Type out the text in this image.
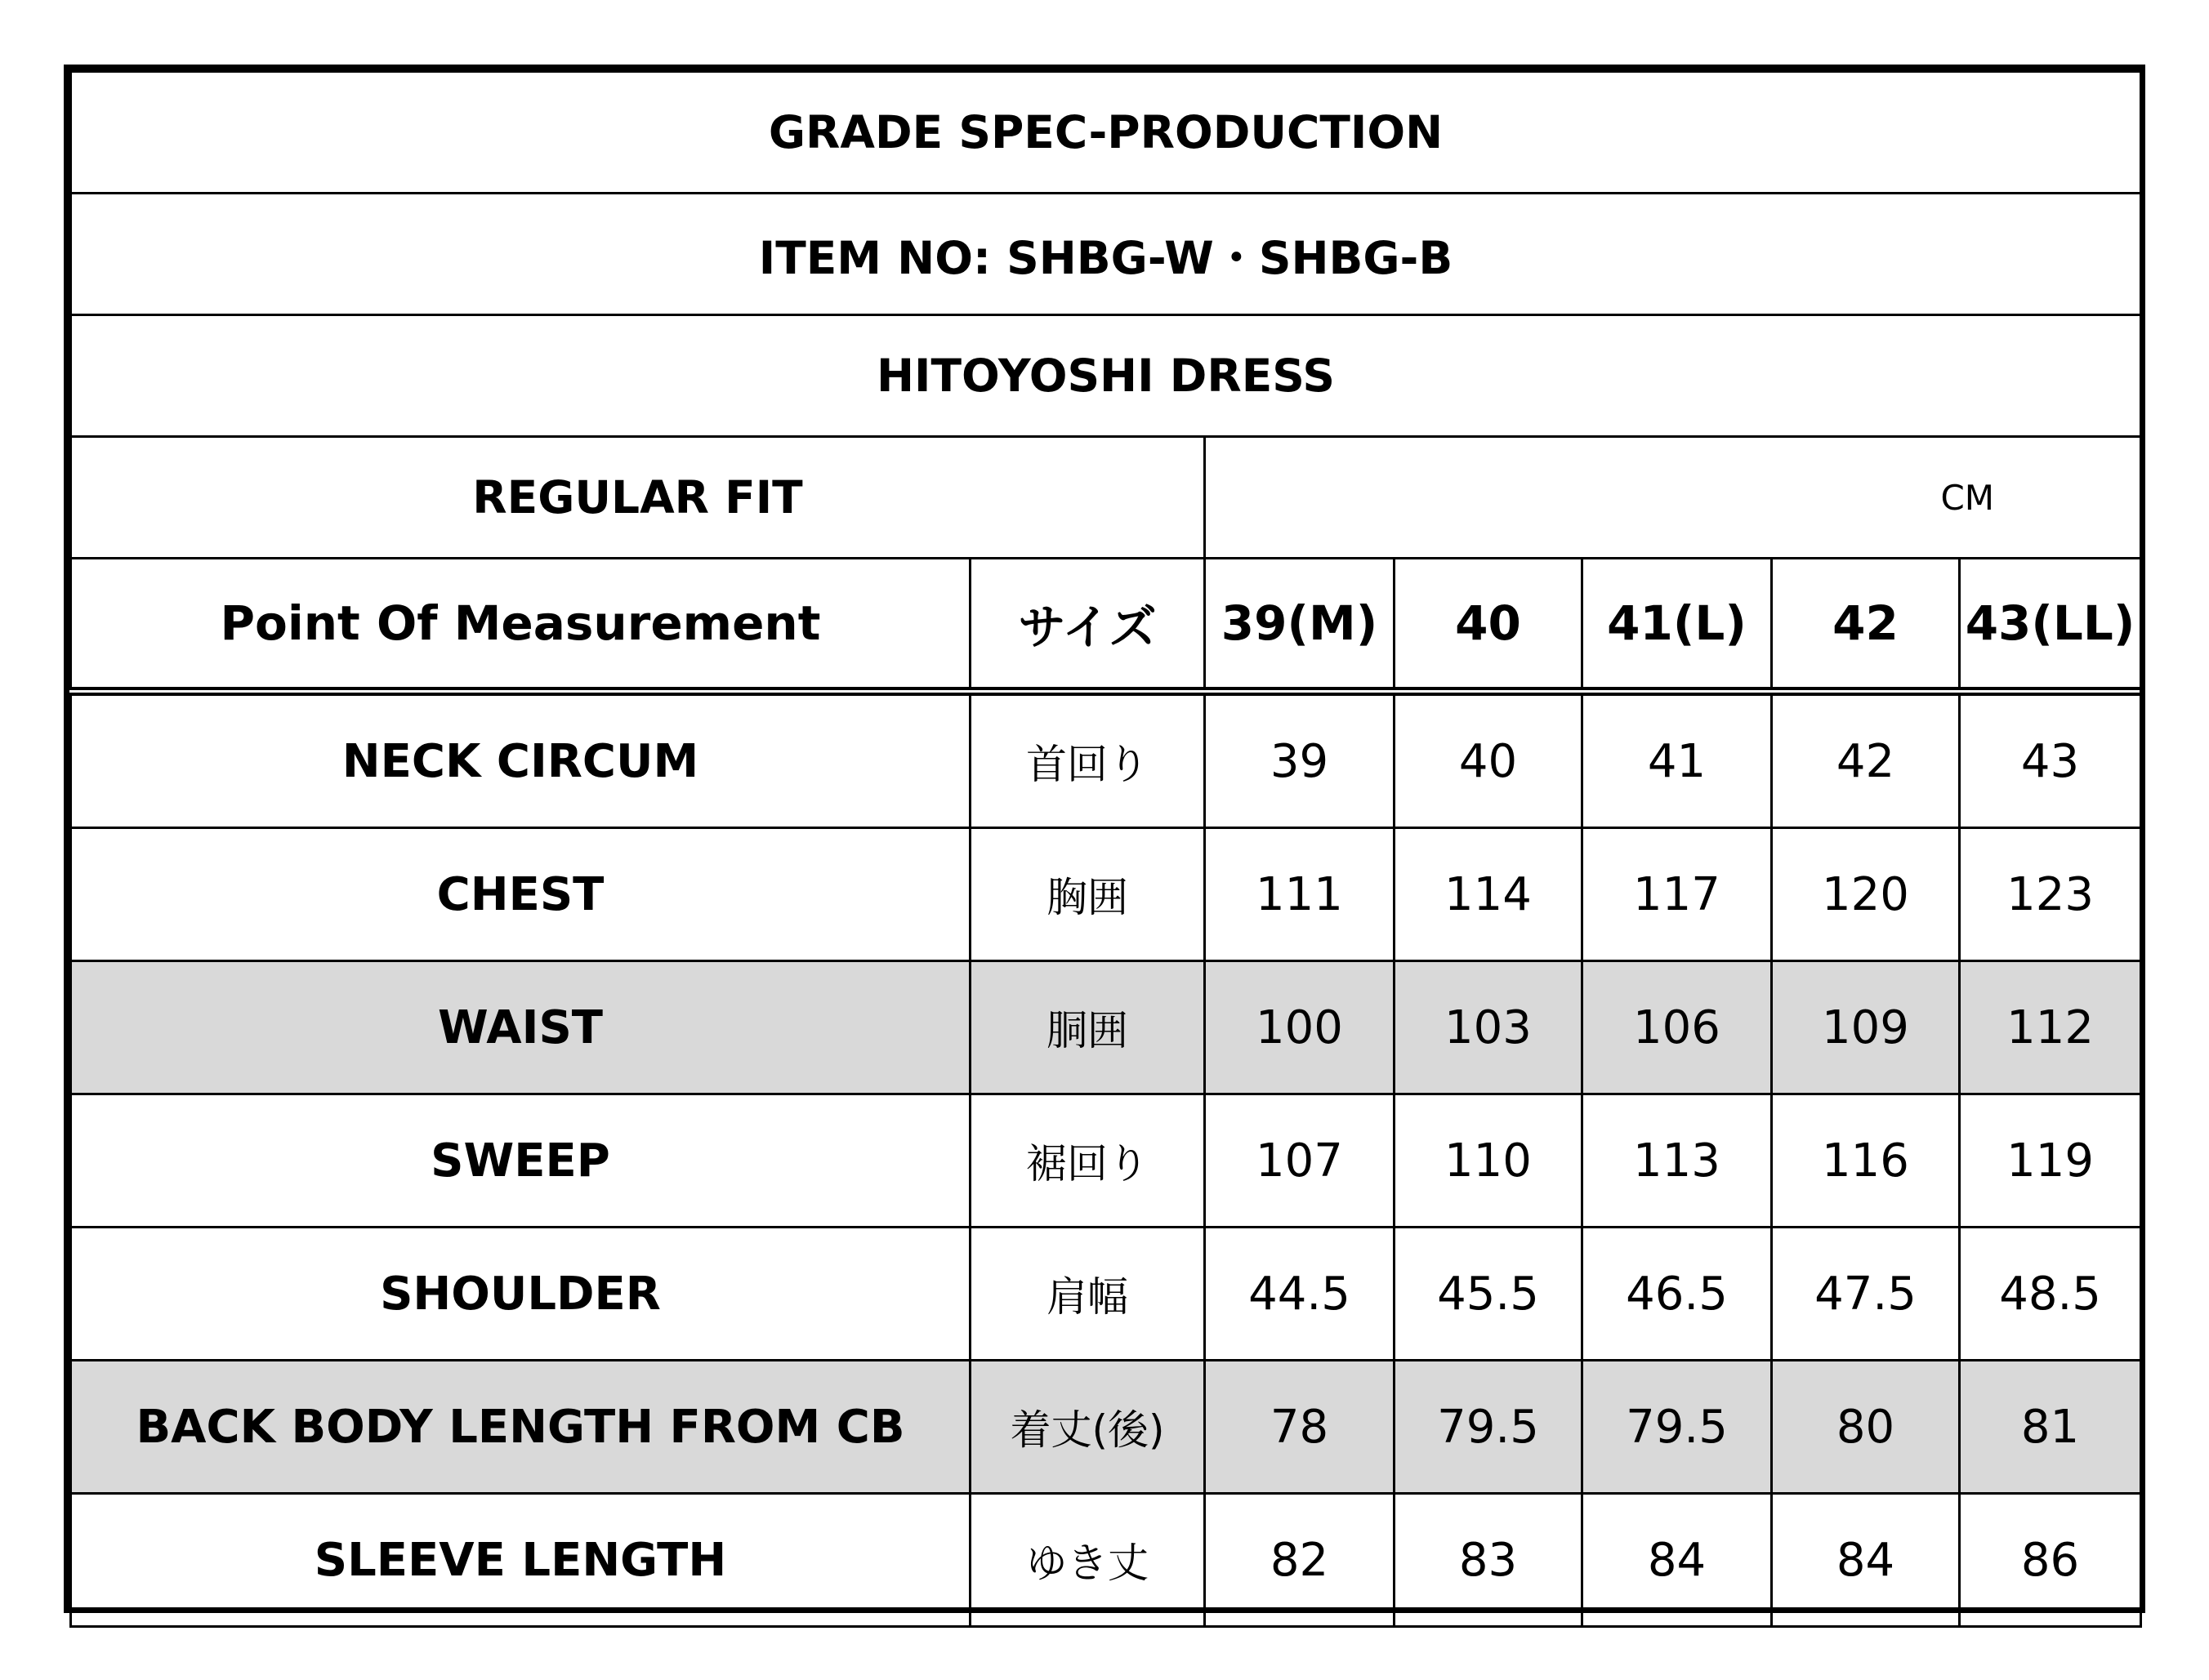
GRADE SPEC-PRODUCTION						
ITEM NO: SHBG-W・SHBG-B						
HITOYOSHI DRESS						
REGULAR FIT		CM				
Point Of Measurement	サイズ	39(M)	40	41(L)	42	43(LL)
NECK CIRCUM	首回り	39	40	41	42	43
CHEST	胸囲	111	114	117	120	123
WAIST	胴囲	100	103	106	109	112
SWEEP	裾回り	107	110	113	116	119
SHOULDER	肩幅	44.5	45.5	46.5	47.5	48.5
BACK BODY LENGTH FROM CB	着丈(後)	78	79.5	79.5	80	81
SLEEVE LENGTH	ゆき丈	82	83	84	84	86
